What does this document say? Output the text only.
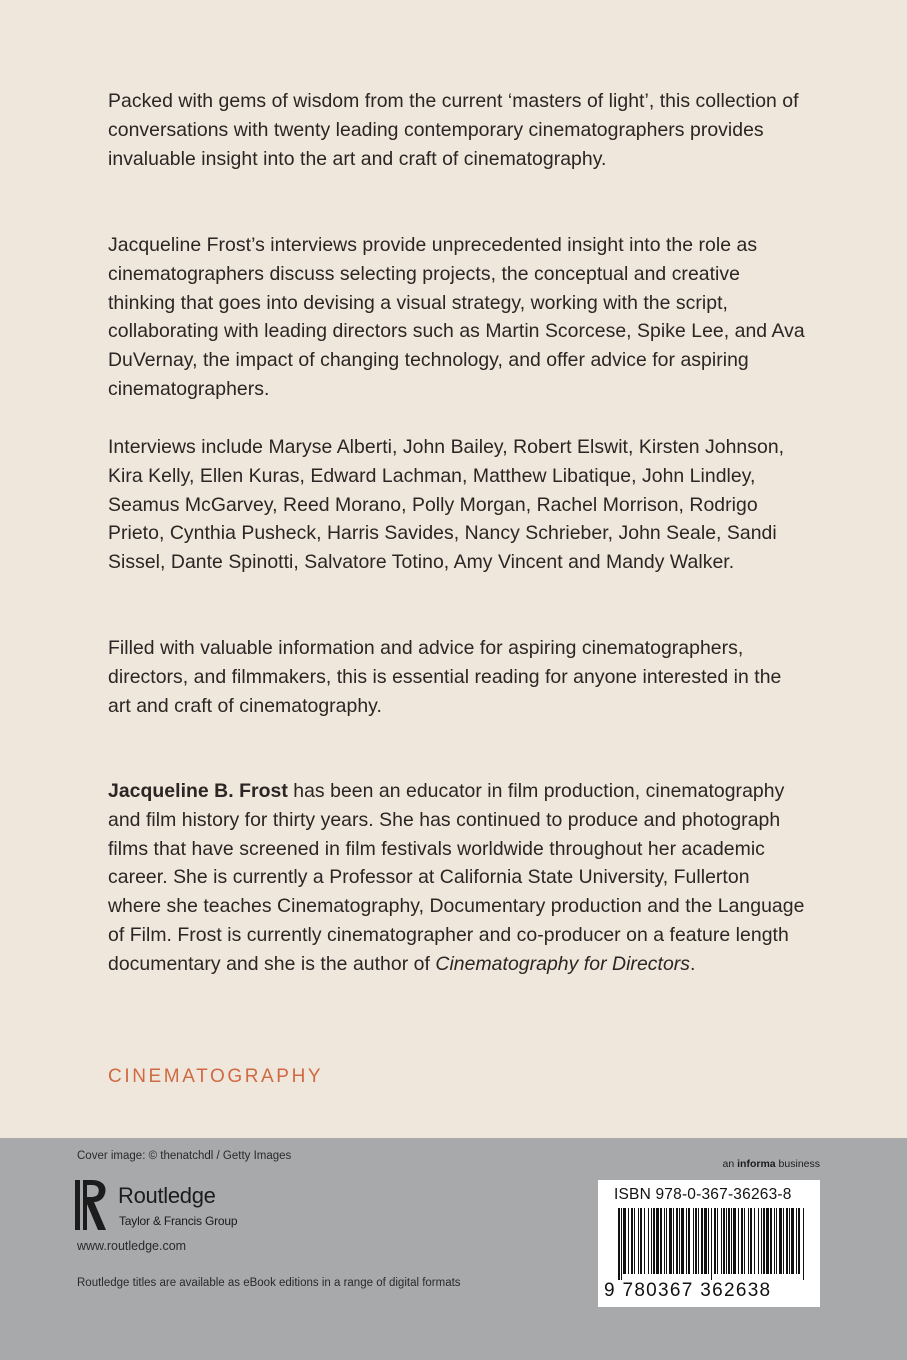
Packed with gems of wisdom from the current ‘masters of light’, this collection of conversations with twenty leading contemporary cinematographers provides invaluable insight into the art and craft of cinematography.

Jacqueline Frost’s interviews provide unprecedented insight into the role as cinematographers discuss selecting projects, the conceptual and creative thinking that goes into devising a visual strategy, working with the script, collaborating with leading directors such as Martin Scorcese, Spike Lee, and Ava DuVernay, the impact of changing technology, and offer advice for aspiring cinematographers.

Interviews include Maryse Alberti, John Bailey, Robert Elswit, Kirsten Johnson, Kira Kelly, Ellen Kuras, Edward Lachman, Matthew Libatique, John Lindley, Seamus McGarvey, Reed Morano, Polly Morgan, Rachel Morrison, Rodrigo Prieto, Cynthia Pusheck, Harris Savides, Nancy Schrieber, John Seale, Sandi Sissel, Dante Spinotti, Salvatore Totino, Amy Vincent and Mandy Walker.

Filled with valuable information and advice for aspiring cinematographers, directors, and filmmakers, this is essential reading for anyone interested in the art and craft of cinematography.

Jacqueline B. Frost has been an educator in film production, cinematography and film history for thirty years. She has continued to produce and photograph films that have screened in film festivals worldwide throughout her academic career. She is currently a Professor at California State University, Fullerton where she teaches Cinematography, Documentary production and the Language of Film. Frost is currently cinematographer and co-producer on a feature length documentary and she is the author of Cinematography for Directors.

CINEMATOGRAPHY
Cover image: © thenatchdl / Getty Images
Routledge
Taylor & Francis Group
www.routledge.com
Routledge titles are available as eBook editions in a range of digital formats
an informa business
ISBN 978-0-367-36263-8
9 780367 362638
